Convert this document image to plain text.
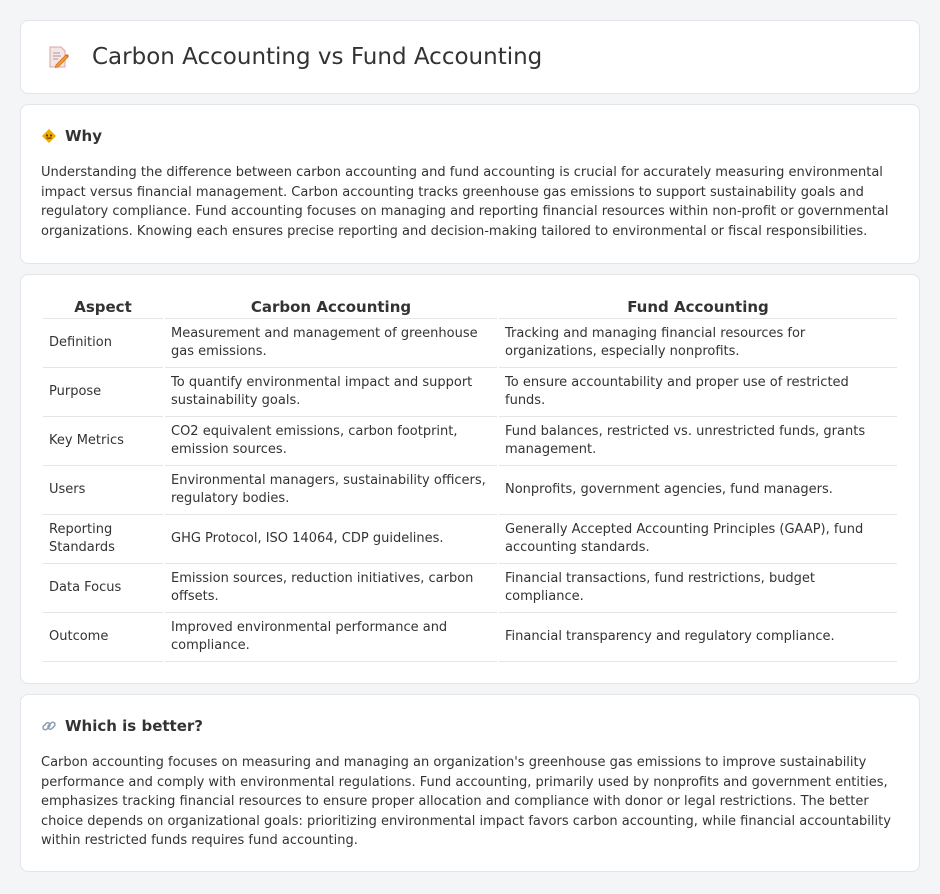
Carbon Accounting vs Fund Accounting
Why

Understanding the difference between carbon accounting and fund accounting is crucial for accurately measuring environmental impact versus financial management. Carbon accounting tracks greenhouse gas emissions to support sustainability goals and regulatory compliance. Fund accounting focuses on managing and reporting financial resources within non-profit or governmental organizations. Knowing each ensures precise reporting and decision-making tailored to environmental or fiscal responsibilities.

Aspect	Carbon Accounting	Fund Accounting
Definition	Measurement and management of greenhouse gas emissions.	Tracking and managing financial resources for organizations, especially nonprofits.
Purpose	To quantify environmental impact and support sustainability goals.	To ensure accountability and proper use of restricted funds.
Key Metrics	CO2 equivalent emissions, carbon footprint, emission sources.	Fund balances, restricted vs. unrestricted funds, grants management.
Users	Environmental managers, sustainability officers, regulatory bodies.	Nonprofits, government agencies, fund managers.
Reporting Standards	GHG Protocol, ISO 14064, CDP guidelines.	Generally Accepted Accounting Principles (GAAP), fund accounting standards.
Data Focus	Emission sources, reduction initiatives, carbon offsets.	Financial transactions, fund restrictions, budget compliance.
Outcome	Improved environmental performance and compliance.	Financial transparency and regulatory compliance.
Which is better?

Carbon accounting focuses on measuring and managing an organization's greenhouse gas emissions to improve sustainability performance and comply with environmental regulations. Fund accounting, primarily used by nonprofits and government entities, emphasizes tracking financial resources to ensure proper allocation and compliance with donor or legal restrictions. The better choice depends on organizational goals: prioritizing environmental impact favors carbon accounting, while financial accountability within restricted funds requires fund accounting.
